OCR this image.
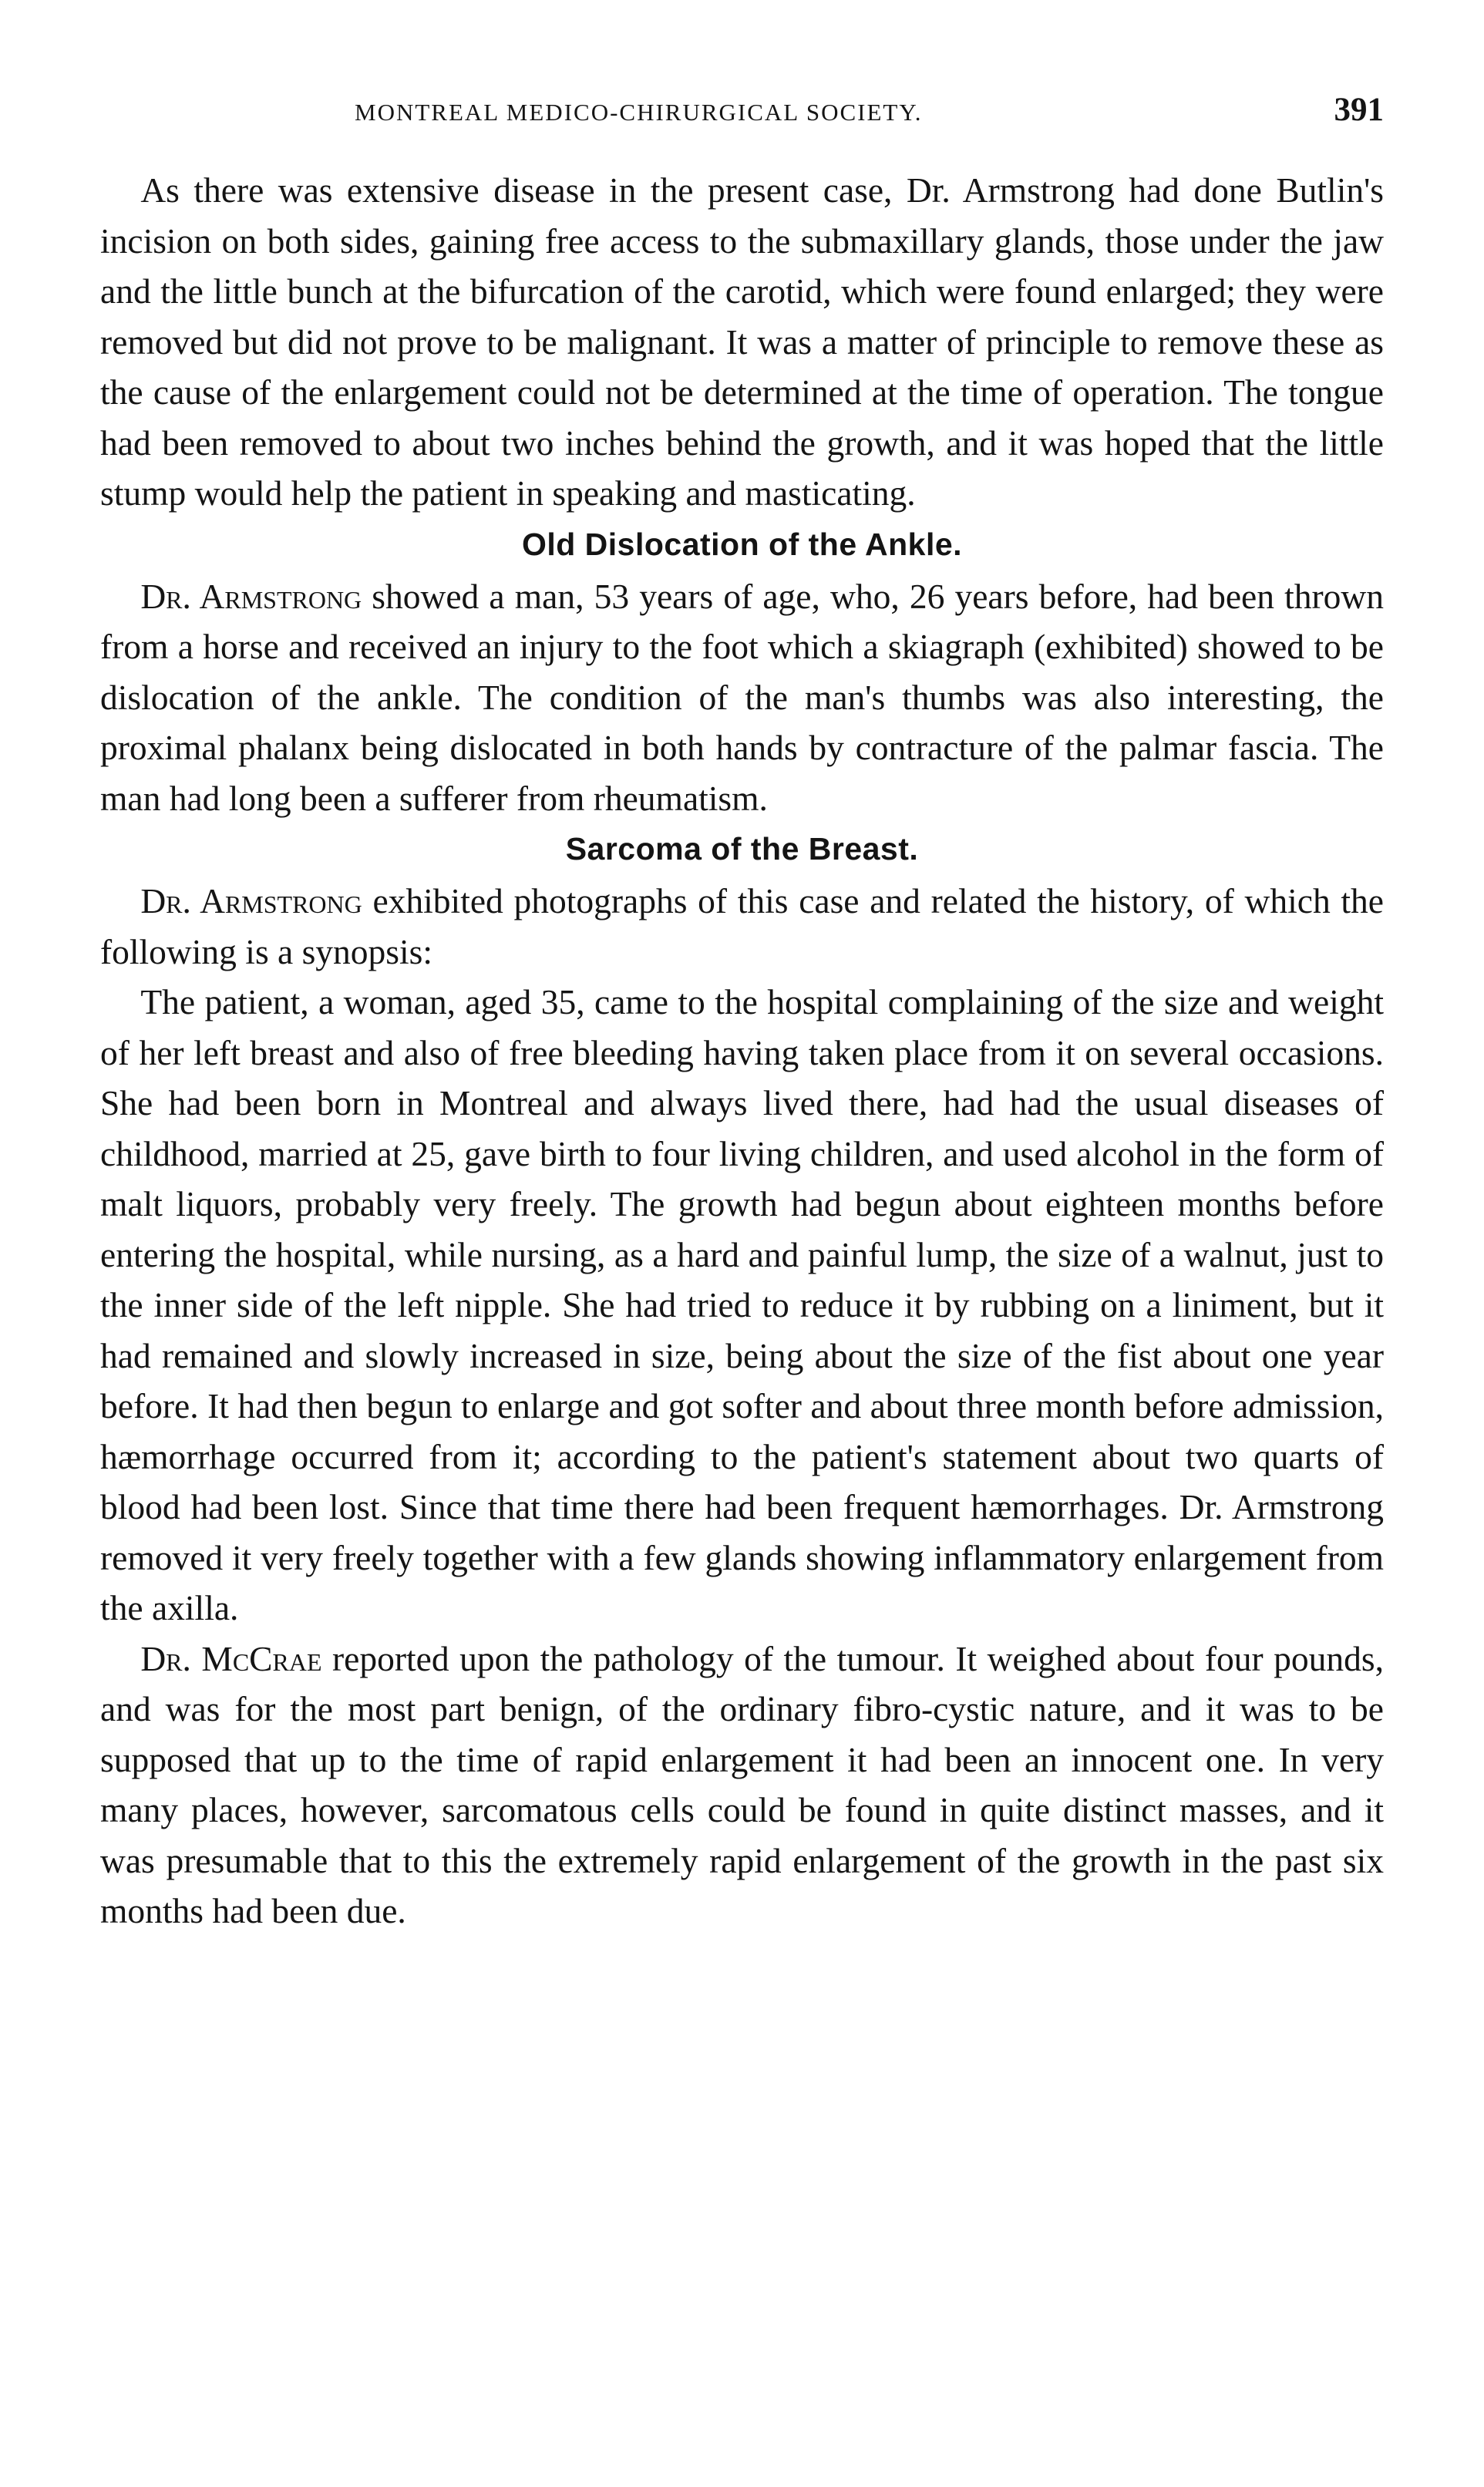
MONTREAL MEDICO-CHIRURGICAL SOCIETY.	391

As there was extensive disease in the present case, Dr. Armstrong had done Butlin's incision on both sides, gaining free access to the submaxillary glands, those under the jaw and the little bunch at the bifurcation of the carotid, which were found enlarged; they were removed but did not prove to be malignant. It was a matter of principle to remove these as the cause of the enlargement could not be determined at the time of operation. The tongue had been removed to about two inches behind the growth, and it was hoped that the little stump would help the patient in speaking and masticating.

Old Dislocation of the Ankle.

Dr. Armstrong showed a man, 53 years of age, who, 26 years before, had been thrown from a horse and received an injury to the foot which a skiagraph (exhibited) showed to be dislocation of the ankle. The condition of the man's thumbs was also interesting, the proximal phalanx being dislocated in both hands by contracture of the palmar fascia. The man had long been a sufferer from rheumatism.

Sarcoma of the Breast.

Dr. Armstrong exhibited photographs of this case and related the history, of which the following is a synopsis:

The patient, a woman, aged 35, came to the hospital complaining of the size and weight of her left breast and also of free bleeding having taken place from it on several occasions. She had been born in Montreal and always lived there, had had the usual diseases of childhood, married at 25, gave birth to four living children, and used alcohol in the form of malt liquors, probably very freely. The growth had begun about eighteen months before entering the hospital, while nursing, as a hard and painful lump, the size of a walnut, just to the inner side of the left nipple. She had tried to reduce it by rubbing on a liniment, but it had remained and slowly increased in size, being about the size of the fist about one year before. It had then begun to enlarge and got softer and about three month before admission, hæmorrhage occurred from it; according to the patient's statement about two quarts of blood had been lost. Since that time there had been frequent hæmorrhages. Dr. Armstrong removed it very freely together with a few glands showing inflammatory enlargement from the axilla.

Dr. McCrae reported upon the pathology of the tumour. It weighed about four pounds, and was for the most part benign, of the ordinary fibro-cystic nature, and it was to be supposed that up to the time of rapid enlargement it had been an innocent one. In very many places, however, sarcomatous cells could be found in quite distinct masses, and it was presumable that to this the extremely rapid enlargement of the growth in the past six months had been due.
